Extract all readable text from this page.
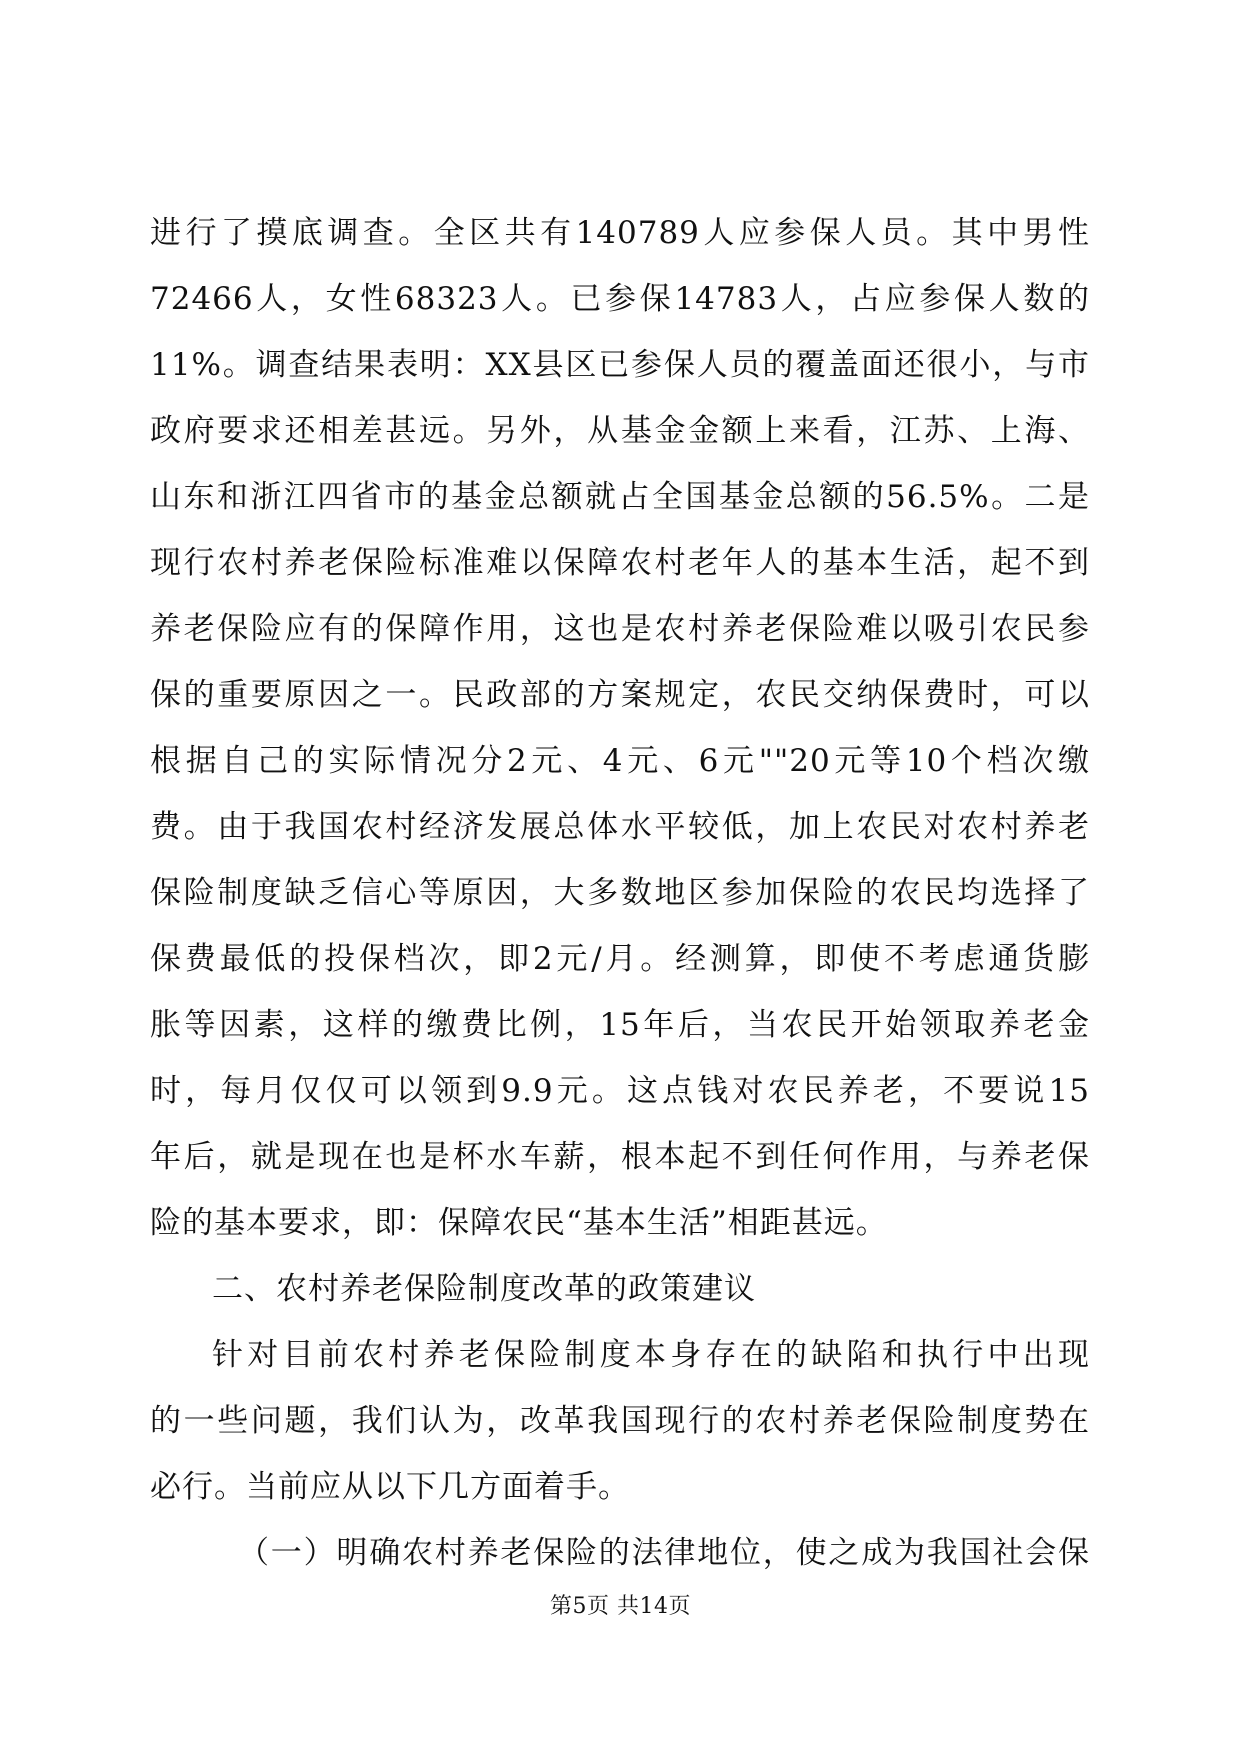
进行了摸底调查。全区共有140789人应参保人员。其中男性
72466人，女性68323人。已参保14783人，占应参保人数的
11%。调查结果表明：XX县区已参保人员的覆盖面还很小，与市
政府要求还相差甚远。另外，从基金金额上来看，江苏、上海、
山东和浙江四省市的基金总额就占全国基金总额的56.5%。二是
现行农村养老保险标准难以保障农村老年人的基本生活，起不到
养老保险应有的保障作用，这也是农村养老保险难以吸引农民参
保的重要原因之一。民政部的方案规定，农民交纳保费时，可以
根据自己的实际情况分2元、4元、6元""20元等10个档次缴
费。由于我国农村经济发展总体水平较低，加上农民对农村养老
保险制度缺乏信心等原因，大多数地区参加保险的农民均选择了
保费最低的投保档次，即2元/月。经测算，即使不考虑通货膨
胀等因素，这样的缴费比例，15年后，当农民开始领取养老金
时，每月仅仅可以领到9.9元。这点钱对农民养老，不要说15
年后，就是现在也是杯水车薪，根本起不到任何作用，与养老保
险的基本要求，即：保障农民“基本生活”相距甚远。
二、农村养老保险制度改革的政策建议
针对目前农村养老保险制度本身存在的缺陷和执行中出现
的一些问题，我们认为，改革我国现行的农村养老保险制度势在
必行。当前应从以下几方面着手。
（一）明确农村养老保险的法律地位，使之成为我国社会保
第5页 共14页
